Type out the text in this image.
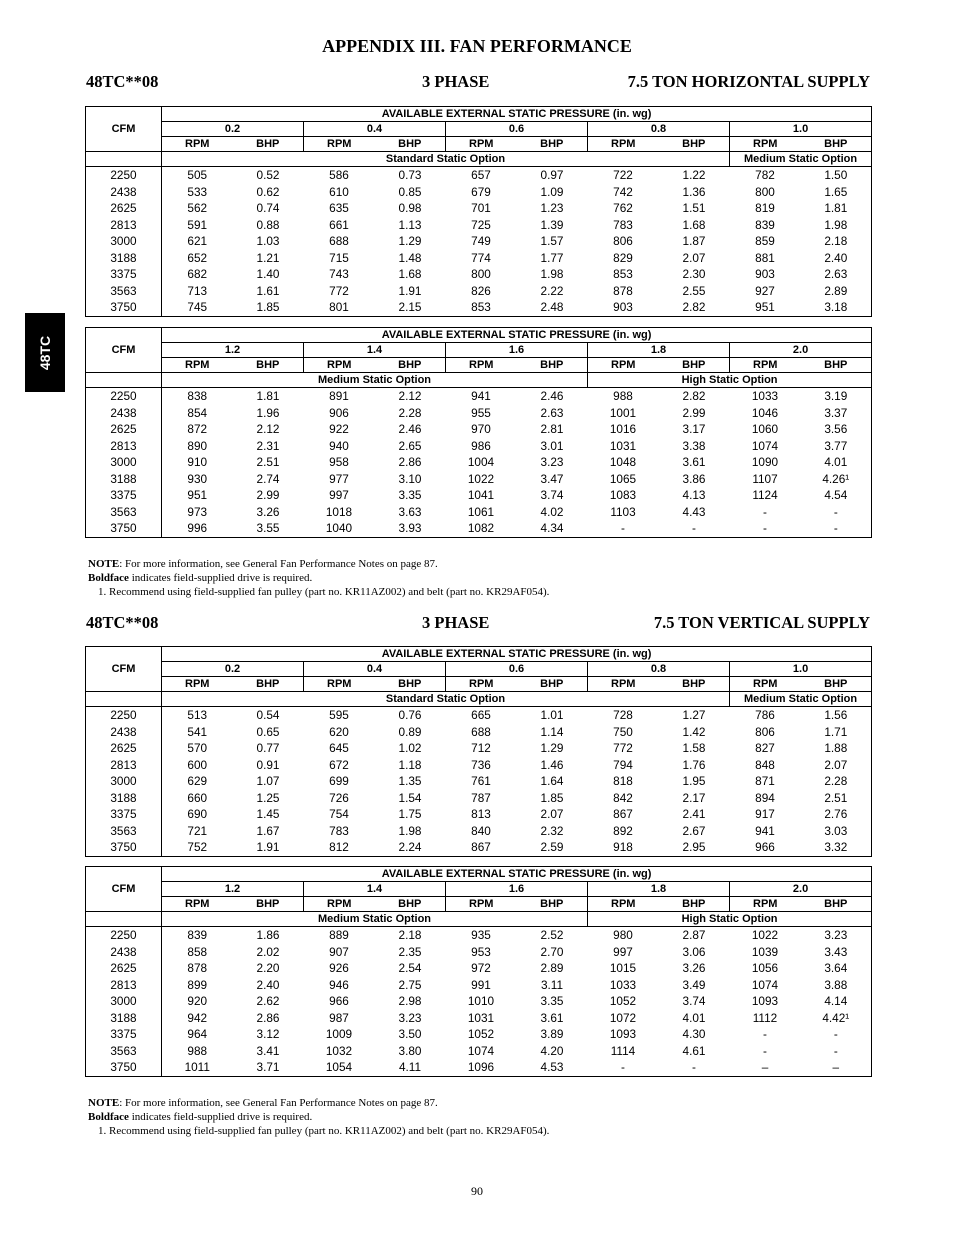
APPENDIX III. FAN PERFORMANCE
48TC
48TC**08	3 PHASE	7.5 TON HORIZONTAL SUPPLY
CFM	AVAILABLE EXTERNAL STATIC PRESSURE (in. wg)									
	0.2		0.4		0.6		0.8		1.0	
	RPM	BHP	RPM	BHP	RPM	BHP	RPM	BHP	RPM	BHP
	Standard Static Option								Medium Static Option	
2250	505	0.52	586	0.73	657	0.97	722	1.22	782	1.50
2438	533	0.62	610	0.85	679	1.09	742	1.36	800	1.65
2625	562	0.74	635	0.98	701	1.23	762	1.51	819	1.81
2813	591	0.88	661	1.13	725	1.39	783	1.68	839	1.98
3000	621	1.03	688	1.29	749	1.57	806	1.87	859	2.18
3188	652	1.21	715	1.48	774	1.77	829	2.07	881	2.40
3375	682	1.40	743	1.68	800	1.98	853	2.30	903	2.63
3563	713	1.61	772	1.91	826	2.22	878	2.55	927	2.89
3750	745	1.85	801	2.15	853	2.48	903	2.82	951	3.18
CFM	AVAILABLE EXTERNAL STATIC PRESSURE (in. wg)									
	1.2		1.4		1.6		1.8		2.0	
	RPM	BHP	RPM	BHP	RPM	BHP	RPM	BHP	RPM	BHP
	Medium Static Option						High Static Option			
2250	838	1.81	891	2.12	941	2.46	988	2.82	1033	3.19
2438	854	1.96	906	2.28	955	2.63	1001	2.99	1046	3.37
2625	872	2.12	922	2.46	970	2.81	1016	3.17	1060	3.56
2813	890	2.31	940	2.65	986	3.01	1031	3.38	1074	3.77
3000	910	2.51	958	2.86	1004	3.23	1048	3.61	1090	4.01
3188	930	2.74	977	3.10	1022	3.47	1065	3.86	1107	4.26¹
3375	951	2.99	997	3.35	1041	3.74	1083	4.13	1124	4.54
3563	973	3.26	1018	3.63	1061	4.02	1103	4.43	-	-
3750	996	3.55	1040	3.93	1082	4.34	-	-	-	-
NOTE: For more information, see General Fan Performance Notes on page 87.
Boldface indicates field-supplied drive is required.
1. Recommend using field-supplied fan pulley (part no. KR11AZ002) and belt (part no. KR29AF054).
48TC**08	3 PHASE	7.5 TON VERTICAL SUPPLY
CFM	AVAILABLE EXTERNAL STATIC PRESSURE (in. wg)									
	0.2		0.4		0.6		0.8		1.0	
	RPM	BHP	RPM	BHP	RPM	BHP	RPM	BHP	RPM	BHP
	Standard Static Option								Medium Static Option	
2250	513	0.54	595	0.76	665	1.01	728	1.27	786	1.56
2438	541	0.65	620	0.89	688	1.14	750	1.42	806	1.71
2625	570	0.77	645	1.02	712	1.29	772	1.58	827	1.88
2813	600	0.91	672	1.18	736	1.46	794	1.76	848	2.07
3000	629	1.07	699	1.35	761	1.64	818	1.95	871	2.28
3188	660	1.25	726	1.54	787	1.85	842	2.17	894	2.51
3375	690	1.45	754	1.75	813	2.07	867	2.41	917	2.76
3563	721	1.67	783	1.98	840	2.32	892	2.67	941	3.03
3750	752	1.91	812	2.24	867	2.59	918	2.95	966	3.32
CFM	AVAILABLE EXTERNAL STATIC PRESSURE (in. wg)									
	1.2		1.4		1.6		1.8		2.0	
	RPM	BHP	RPM	BHP	RPM	BHP	RPM	BHP	RPM	BHP
	Medium Static Option						High Static Option			
2250	839	1.86	889	2.18	935	2.52	980	2.87	1022	3.23
2438	858	2.02	907	2.35	953	2.70	997	3.06	1039	3.43
2625	878	2.20	926	2.54	972	2.89	1015	3.26	1056	3.64
2813	899	2.40	946	2.75	991	3.11	1033	3.49	1074	3.88
3000	920	2.62	966	2.98	1010	3.35	1052	3.74	1093	4.14
3188	942	2.86	987	3.23	1031	3.61	1072	4.01	1112	4.42¹
3375	964	3.12	1009	3.50	1052	3.89	1093	4.30	-	-
3563	988	3.41	1032	3.80	1074	4.20	1114	4.61	-	-
3750	1011	3.71	1054	4.11	1096	4.53	-	-	–	–
NOTE: For more information, see General Fan Performance Notes on page 87.
Boldface indicates field-supplied drive is required.
1. Recommend using field-supplied fan pulley (part no. KR11AZ002) and belt (part no. KR29AF054).
90
